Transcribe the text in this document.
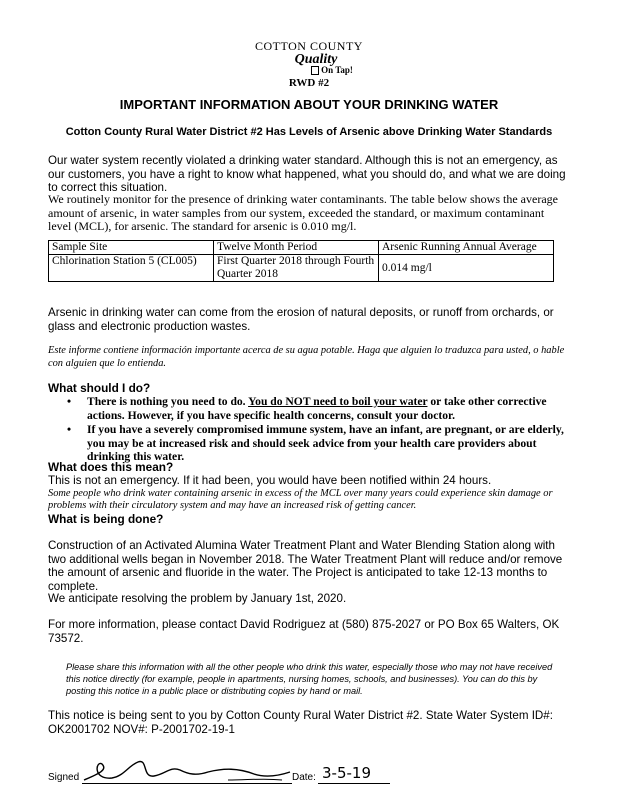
COTTON COUNTY
Quality
On Tap!
RWD #2
IMPORTANT INFORMATION ABOUT YOUR DRINKING WATER
Cotton County Rural Water District #2 Has Levels of Arsenic above Drinking Water Standards
Our water system recently violated a drinking water standard. Although this is not an emergency, as our customers, you have a right to know what happened, what you should do, and what we are doing to correct this situation.
We routinely monitor for the presence of drinking water contaminants. The table below shows the average amount of arsenic, in water samples from our system, exceeded the standard, or maximum contaminant level (MCL), for arsenic. The standard for arsenic is 0.010 mg/l.
Sample Site	Twelve Month Period	Arsenic Running Annual Average
Chlorination Station 5 (CL005)	First Quarter 2018 through Fourth Quarter 2018	0.014 mg/l
Arsenic in drinking water can come from the erosion of natural deposits, or runoff from orchards, or glass and electronic production wastes.
Este informe contiene información importante acerca de su agua potable. Haga que alguien lo traduzca para usted, o hable con alguien que lo entienda.
What should I do?
• There is nothing you need to do. You do NOT need to boil your water or take other corrective actions. However, if you have specific health concerns, consult your doctor.
• If you have a severely compromised immune system, have an infant, are pregnant, or are elderly, you may be at increased risk and should seek advice from your health care providers about drinking this water.
What does this mean?
This is not an emergency. If it had been, you would have been notified within 24 hours.
Some people who drink water containing arsenic in excess of the MCL over many years could experience skin damage or problems with their circulatory system and may have an increased risk of getting cancer.
What is being done?
Construction of an Activated Alumina Water Treatment Plant and Water Blending Station along with two additional wells began in November 2018. The Water Treatment Plant will reduce and/or remove the amount of arsenic and fluoride in the water. The Project is anticipated to take 12-13 months to complete.
We anticipate resolving the problem by January 1st, 2020.
For more information, please contact David Rodriguez at (580) 875-2027 or PO Box 65 Walters, OK 73572.
Please share this information with all the other people who drink this water, especially those who may not have received this notice directly (for example, people in apartments, nursing homes, schools, and businesses). You can do this by posting this notice in a public place or distributing copies by hand or mail.
This notice is being sent to you by Cotton County Rural Water District #2. State Water System ID#: OK2001702 NOV#: P-2001702-19-1
Signed	Date: 3-5-19
